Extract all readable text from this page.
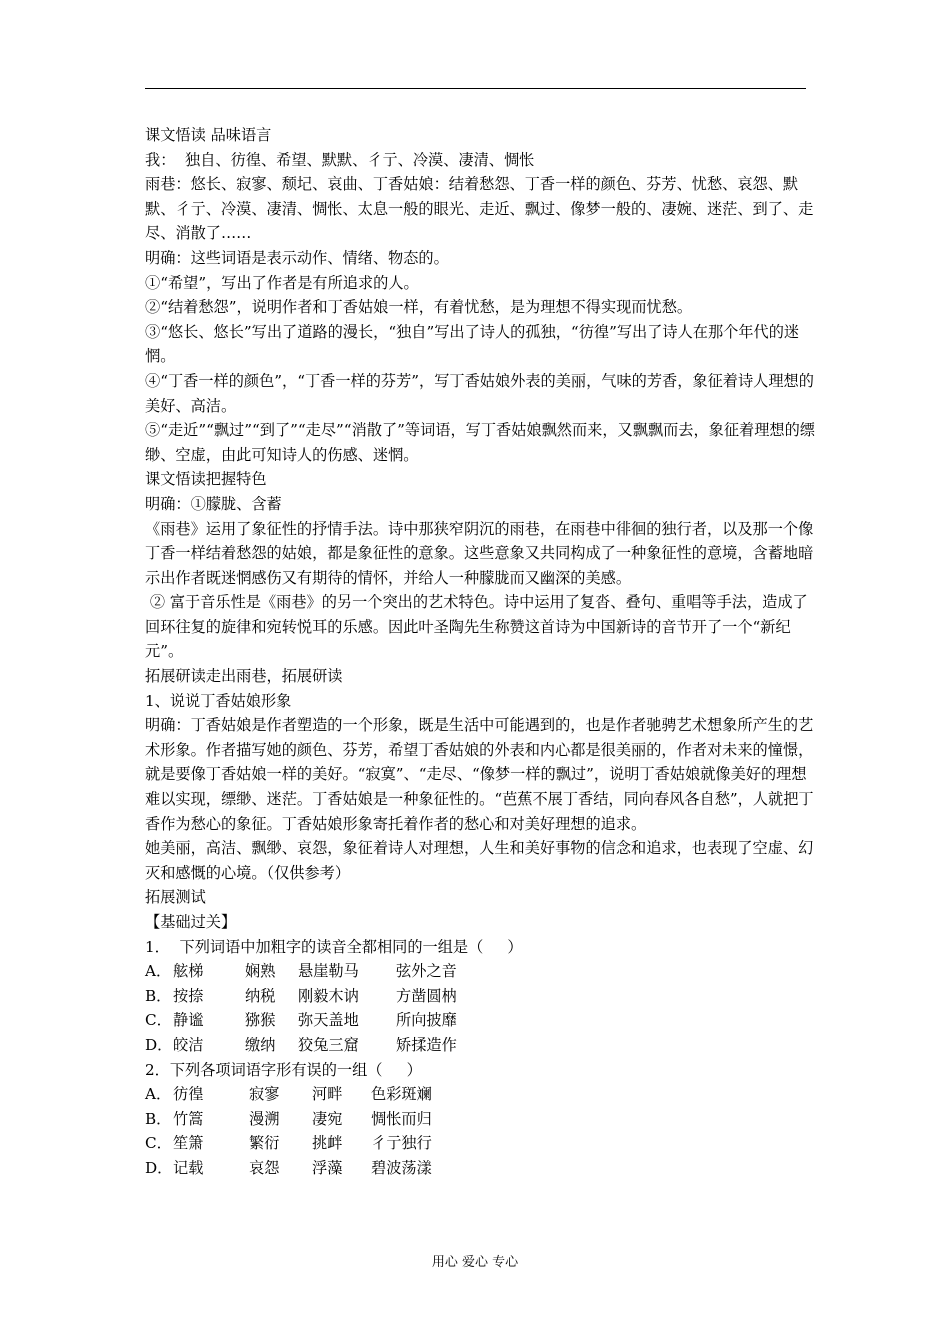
课文悟读 品味语言

我：  独自、彷徨、希望、默默、彳亍、冷漠、凄清、惆怅

雨巷：悠长、寂寥、颓圮、哀曲、丁香姑娘：结着愁怨、丁香一样的颜色、芬芳、忧愁、哀怨、默默、彳亍、冷漠、凄清、惆怅、太息一般的眼光、走近、飘过、像梦一般的、凄婉、迷茫、到了、走尽、消散了……

明确：这些词语是表示动作、情绪、物态的。

①“希望”，写出了作者是有所追求的人。

②“结着愁怨”，说明作者和丁香姑娘一样，有着忧愁，是为理想不得实现而忧愁。

③“悠长、悠长”写出了道路的漫长，“独自”写出了诗人的孤独，“彷徨”写出了诗人在那个年代的迷惘。

④“丁香一样的颜色”，“丁香一样的芬芳”，写丁香姑娘外表的美丽，气味的芳香，象征着诗人理想的美好、高洁。

⑤“走近”“飘过”“到了”“走尽”“消散了”等词语，写丁香姑娘飘然而来，又飘飘而去，象征着理想的缥缈、空虚，由此可知诗人的伤感、迷惘。

课文悟读把握特色

明确：①朦胧、含蓄

《雨巷》运用了象征性的抒情手法。诗中那狭窄阴沉的雨巷，在雨巷中徘徊的独行者，以及那一个像丁香一样结着愁怨的姑娘，都是象征性的意象。这些意象又共同构成了一种象征性的意境，含蓄地暗示出作者既迷惘感伤又有期待的情怀，并给人一种朦胧而又幽深的美感。

② 富于音乐性是《雨巷》的另一个突出的艺术特色。诗中运用了复沓、叠句、重唱等手法，造成了回环往复的旋律和宛转悦耳的乐感。因此叶圣陶先生称赞这首诗为中国新诗的音节开了一个“新纪元”。

拓展研读走出雨巷，拓展研读

1、说说丁香姑娘形象

明确：丁香姑娘是作者塑造的一个形象，既是生活中可能遇到的，也是作者驰骋艺术想象所产生的艺术形象。作者描写她的颜色、芬芳，希望丁香姑娘的外表和内心都是很美丽的，作者对未来的憧憬，就是要像丁香姑娘一样的美好。“寂寞”、“走尽、“像梦一样的飘过”，说明丁香姑娘就像美好的理想难以实现，缥缈、迷茫。丁香姑娘是一种象征性的。“芭蕉不展丁香结，同向春风各自愁”，人就把丁香作为愁心的象征。丁香姑娘形象寄托着作者的愁心和对美好理想的追求。

她美丽，高洁、飘缈、哀怨，象征着诗人对理想，人生和美好事物的信念和追求，也表现了空虚、幻灭和感慨的心境。（仅供参考）

拓展测试

【基础过关】

1．  下列词语中加粗字的读音全都相同的一组是（     ）

A． 舷梯	娴熟 悬崖勒马 弦外之音

B． 按捺	纳税 刚毅木讷 方凿圆枘

C．静谧	猕猴 弥天盖地 所向披靡

D．皎洁	缴纳 狡兔三窟 矫揉造作

2．下列各项词语字形有误的一组（     ）

A． 彷徨	寂寥 河畔 色彩斑斓

B． 竹篙	漫溯 凄宛 惆怅而归

C．笙箫	繁衍 挑衅 彳亍独行

D．记载	哀怨 浮藻 碧波荡漾

用心 爱心 专心
